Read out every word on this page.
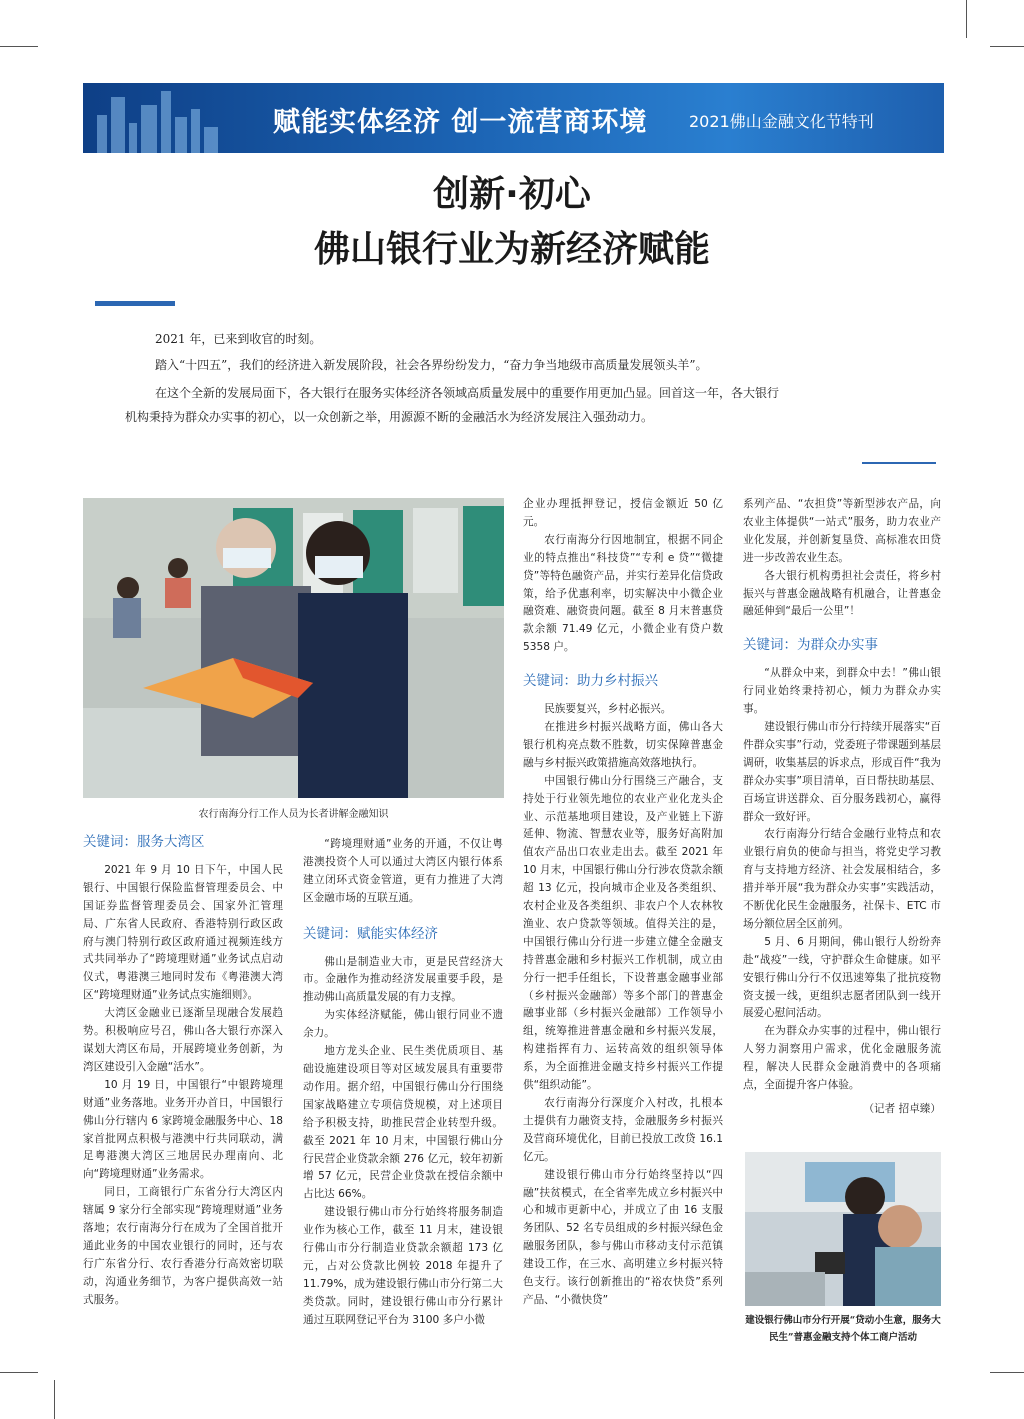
赋能实体经济 创一流营商环境	2021佛山金融文化节特刊	T04
创新·初心
佛山银行业为新经济赋能

2021 年，已来到收官的时刻。

踏入“十四五”，我们的经济进入新发展阶段，社会各界纷纷发力，“奋力争当地级市高质量发展领头羊”。

在这个全新的发展局面下，各大银行在服务实体经济各领域高质量发展中的重要作用更加凸显。回首这一年，各大银行

机构秉持为群众办实事的初心，以一众创新之举，用源源不断的金融活水为经济发展注入强劲动力。

农行南海分行工作人员为长者讲解金融知识
关键词：服务大湾区

2021 年 9 月 10 日下午，中国人民银行、中国银行保险监督管理委员会、中国证券监督管理委员会、国家外汇管理局、广东省人民政府、香港特别行政区政府与澳门特别行政区政府通过视频连线方式共同举办了“跨境理财通”业务试点启动仪式，粤港澳三地同时发布《粤港澳大湾区“跨境理财通”业务试点实施细则》。

大湾区金融业已逐渐呈现融合发展趋势。积极响应号召，佛山各大银行亦深入谋划大湾区布局，开展跨境业务创新，为湾区建设引入金融“活水”。

10 月 19 日，中国银行“中银跨境理财通”业务落地。业务开办首日，中国银行佛山分行辖内 6 家跨境金融服务中心、18 家首批网点积极与港澳中行共同联动，满足粤港澳大湾区三地居民办理南向、北向“跨境理财通”业务需求。

同日，工商银行广东省分行大湾区内辖属 9 家分行全部实现“跨境理财通”业务落地；农行南海分行在成为了全国首批开通此业务的中国农业银行的同时，还与农行广东省分行、农行香港分行高效密切联动，沟通业务细节，为客户提供高效一站式服务。

“跨境理财通”业务的开通，不仅让粤港澳投资个人可以通过大湾区内银行体系建立闭环式资金管道，更有力推进了大湾区金融市场的互联互通。

关键词：赋能实体经济

佛山是制造业大市，更是民营经济大市。金融作为推动经济发展重要手段，是推动佛山高质量发展的有力支撑。

为实体经济赋能，佛山银行同业不遗余力。

地方龙头企业、民生类优质项目、基础设施建设项目等对区域发展具有重要带动作用。据介绍，中国银行佛山分行围绕国家战略建立专项信贷规模，对上述项目给予积极支持，助推民营企业转型升级。截至 2021 年 10 月末，中国银行佛山分行民营企业贷款余额 276 亿元，较年初新增 57 亿元，民营企业贷款在授信余额中占比达 66%。

建设银行佛山市分行始终将服务制造业作为核心工作，截至 11 月末，建设银行佛山市分行制造业贷款余额超 173 亿元，占对公贷款比例较 2018 年提升了 11.79%，成为建设银行佛山市分行第二大类贷款。同时，建设银行佛山市分行累计通过互联网登记平台为 3100 多户小微

企业办理抵押登记，授信金额近 50 亿元。

农行南海分行因地制宜，根据不同企业的特点推出“科技贷”“专利 e 贷”“微捷贷”等特色融资产品，并实行差异化信贷政策，给予优惠利率，切实解决中小微企业融资难、融资贵问题。截至 8 月末普惠贷款余额 71.49 亿元，小微企业有贷户数 5358 户。

关键词：助力乡村振兴

民族要复兴，乡村必振兴。

在推进乡村振兴战略方面，佛山各大银行机构亮点数不胜数，切实保障普惠金融与乡村振兴政策措施高效落地执行。

中国银行佛山分行围绕三产融合，支持处于行业领先地位的农业产业化龙头企业、示范基地项目建设，及产业链上下游延伸、物流、智慧农业等，服务好高附加值农产品出口农业走出去。截至 2021 年 10 月末，中国银行佛山分行涉农贷款余额超 13 亿元，投向城市企业及各类组织、农村企业及各类组织、非农户个人农林牧渔业、农户贷款等领域。值得关注的是，中国银行佛山分行进一步建立健全金融支持普惠金融和乡村振兴工作机制，成立由分行一把手任组长，下设普惠金融事业部（乡村振兴金融部）等多个部门的普惠金融事业部（乡村振兴金融部）工作领导小组，统筹推进普惠金融和乡村振兴发展，构建指挥有力、运转高效的组织领导体系，为全面推进金融支持乡村振兴工作提供“组织动能”。

农行南海分行深度介入村改，扎根本土提供有力融资支持，金融服务乡村振兴及营商环境优化，目前已投放工改贷 16.1 亿元。

建设银行佛山市分行始终坚持以“四融”扶贫模式，在全省率先成立乡村振兴中心和城市更新中心，并成立了由 16 支服务团队、52 名专员组成的乡村振兴绿色金融服务团队，参与佛山市移动支付示范镇建设工作，在三水、高明建立乡村振兴特色支行。该行创新推出的“裕农快贷”系列产品、“小微快贷”

系列产品、“农担贷”等新型涉农产品，向农业主体提供“一站式”服务，助力农业产业化发展，并创新复垦贷、高标准农田贷进一步改善农业生态。

各大银行机构勇担社会责任，将乡村振兴与普惠金融战略有机融合，让普惠金融延伸到“最后一公里”！

关键词：为群众办实事

“从群众中来，到群众中去！”佛山银行同业始终秉持初心，倾力为群众办实事。

建设银行佛山市分行持续开展落实“百件群众实事”行动，党委班子带课题到基层调研，收集基层的诉求点，形成百件“我为群众办实事”项目清单，百日帮扶助基层、百场宣讲送群众、百分服务践初心，赢得群众一致好评。

农行南海分行结合金融行业特点和农业银行肩负的使命与担当，将党史学习教育与支持地方经济、社会发展相结合，多措并举开展“我为群众办实事”实践活动，不断优化民生金融服务，社保卡、ETC 市场分额位居全区前列。

5 月、6 月期间，佛山银行人纷纷奔赴“战疫”一线，守护群众生命健康。如平安银行佛山分行不仅迅速筹集了批抗疫物资支援一线，更组织志愿者团队到一线开展爱心慰问活动。

在为群众办实事的过程中，佛山银行人努力洞察用户需求，优化金融服务流程，解决人民群众金融消费中的各项痛点，全面提升客户体验。

（记者 招卓臻）

建设银行佛山市分行开展“贷动小生意，服务大民生”普惠金融支持个体工商户活动
